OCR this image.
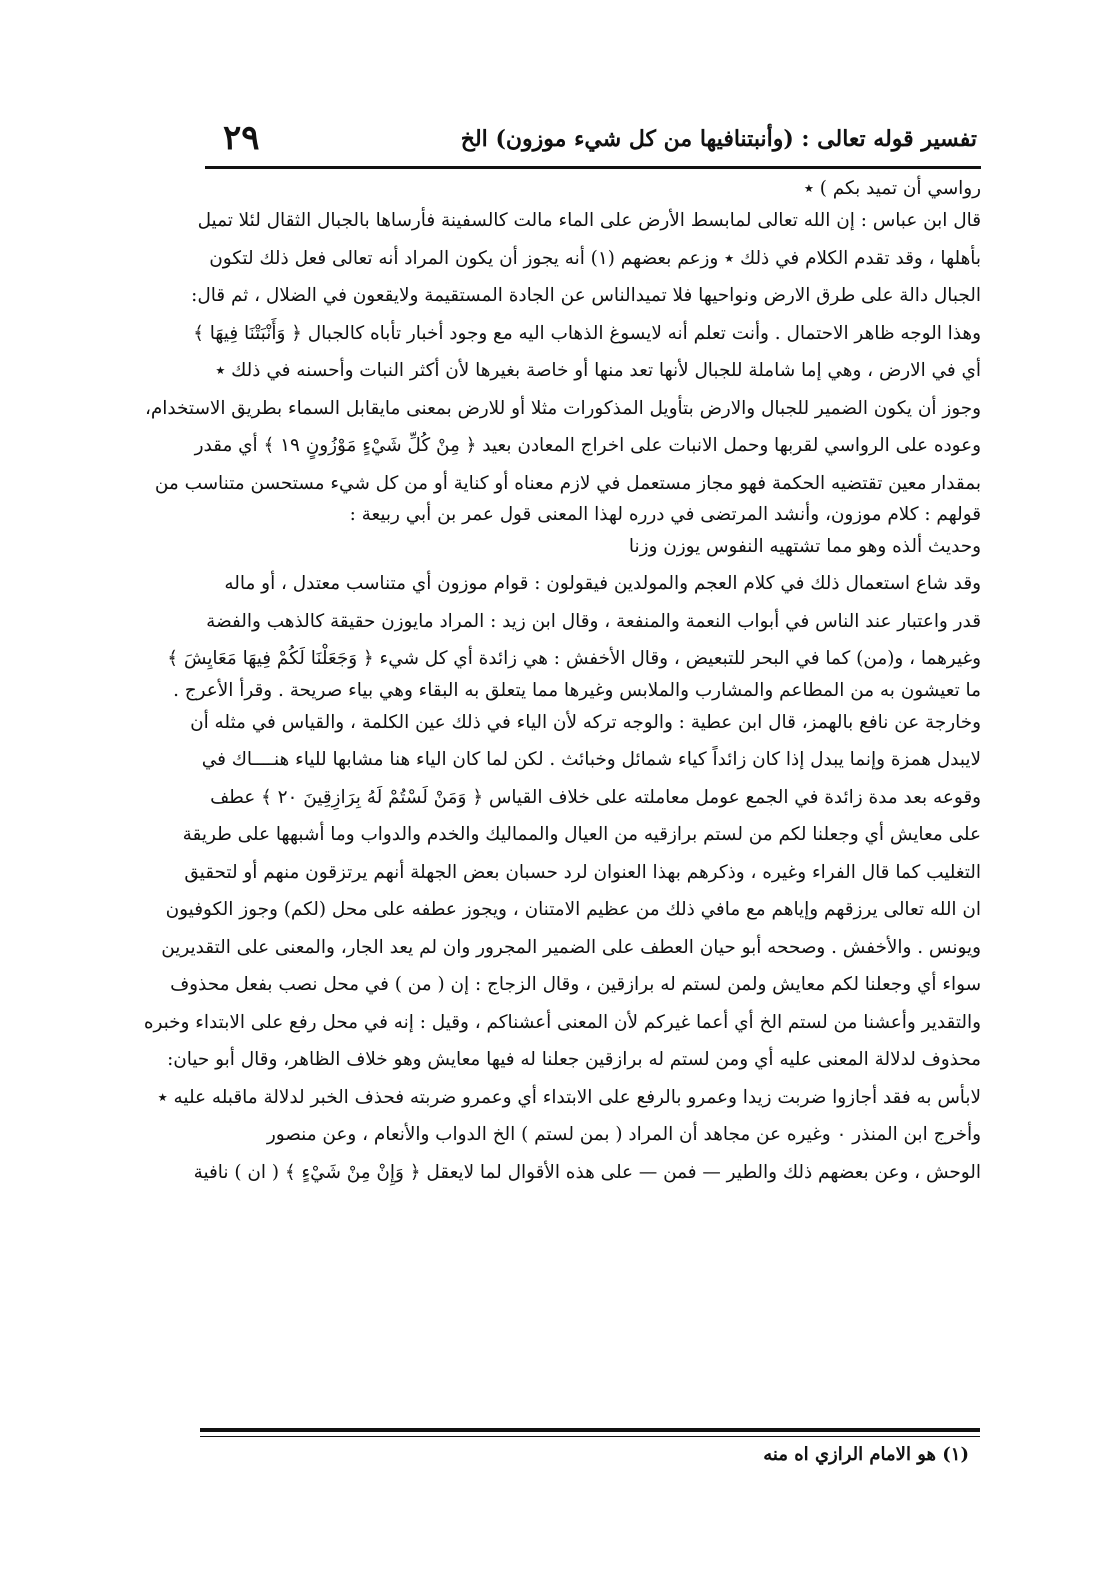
تفسير قوله تعالى : (وأنبتنافيها من كل شيء موزون) الخ
٢٩
رواسي أن تميد بكم ) ٭
قال ابن عباس : إن الله تعالى لمابسط الأرض على الماء مالت كالسفينة فأرساها بالجبال الثقال لئلا تميل
بأهلها ، وقد تقدم الكلام في ذلك ٭ وزعم بعضهم (١) أنه يجوز أن يكون المراد أنه تعالى فعل ذلك لتكون
الجبال دالة على طرق الارض ونواحيها فلا تميدالناس عن الجادة المستقيمة ولايقعون في الضلال ، ثم قال:
وهذا الوجه ظاهر الاحتمال . وأنت تعلم أنه لايسوغ الذهاب اليه مع وجود أخبار تأباه كالجبال ﴿ وَأَنْبَتْنَا فِيهَا ﴾
أي في الارض ، وهي إما شاملة للجبال لأنها تعد منها أو خاصة بغيرها لأن أكثر النبات وأحسنه في ذلك ٭
وجوز أن يكون الضمير للجبال والارض بتأويل المذكورات مثلا أو للارض بمعنى مايقابل السماء بطريق الاستخدام،
وعوده على الرواسي لقربها وحمل الانبات على اخراج المعادن بعيد ﴿ مِنْ كُلِّ شَيْءٍ مَوْزُونٍ ١٩ ﴾ أي مقدر
بمقدار معين تقتضيه الحكمة فهو مجاز مستعمل في لازم معناه أو كناية أو من كل شيء مستحسن متناسب من
قولهم : كلام موزون، وأنشد المرتضى في درره لهذا المعنى قول عمر بن أبي ربيعة :
وحديث ألذه وهو مما تشتهيه النفوس يوزن وزنا
وقد شاع استعمال ذلك في كلام العجم والمولدين فيقولون : قوام موزون أي متناسب معتدل ، أو ماله
قدر واعتبار عند الناس في أبواب النعمة والمنفعة ، وقال ابن زيد : المراد مايوزن حقيقة كالذهب والفضة
وغيرهما ، و(من) كما في البحر للتبعيض ، وقال الأخفش : هي زائدة أي كل شيء ﴿ وَجَعَلْنَا لَكُمْ فِيهَا مَعَايِشَ ﴾
ما تعيشون به من المطاعم والمشارب والملابس وغيرها مما يتعلق به البقاء وهي بياء صريحة . وقرأ الأعرج .
وخارجة عن نافع بالهمز، قال ابن عطية : والوجه تركه لأن الياء في ذلك عين الكلمة ، والقياس في مثله أن
لايبدل همزة وإنما يبدل إذا كان زائداً كياء شمائل وخبائث . لكن لما كان الياء هنا مشابها للياء هنــــاك في
وقوعه بعد مدة زائدة في الجمع عومل معاملته على خلاف القياس ﴿ وَمَنْ لَسْتُمْ لَهُ بِرَازِقِينَ ٢٠ ﴾ عطف
على معايش أي وجعلنا لكم من لستم برازقيه من العيال والمماليك والخدم والدواب وما أشبهها على طريقة
التغليب كما قال الفراء وغيره ، وذكرهم بهذا العنوان لرد حسبان بعض الجهلة أنهم يرتزقون منهم أو لتحقيق
ان الله تعالى يرزقهم وإياهم مع مافي ذلك من عظيم الامتنان ، ويجوز عطفه على محل (لكم) وجوز الكوفيون
ويونس . والأخفش . وصححه أبو حيان العطف على الضمير المجرور وان لم يعد الجار، والمعنى على التقديرين
سواء أي وجعلنا لكم معايش ولمن لستم له برازقين ، وقال الزجاج : إن ( من ) في محل نصب بفعل محذوف
والتقدير وأعشنا من لستم الخ أي أعما غيركم لأن المعنى أعشناكم ، وقيل : إنه في محل رفع على الابتداء وخبره
محذوف لدلالة المعنى عليه أي ومن لستم له برازقين جعلنا له فيها معايش وهو خلاف الظاهر، وقال أبو حيان:
لابأس به فقد أجازوا ضربت زيدا وعمرو بالرفع على الابتداء أي وعمرو ضربته فحذف الخبر لدلالة ماقبله عليه ٭
وأخرج ابن المنذر ٠ وغيره عن مجاهد أن المراد ( بمن لستم ) الخ الدواب والأنعام ، وعن منصور
الوحش ، وعن بعضهم ذلك والطير — فمن — على هذه الأقوال لما لايعقل ﴿ وَإِنْ مِنْ شَيْءٍ ﴾ ( ان ) نافية
(١) هو الامام الرازي اه منه
